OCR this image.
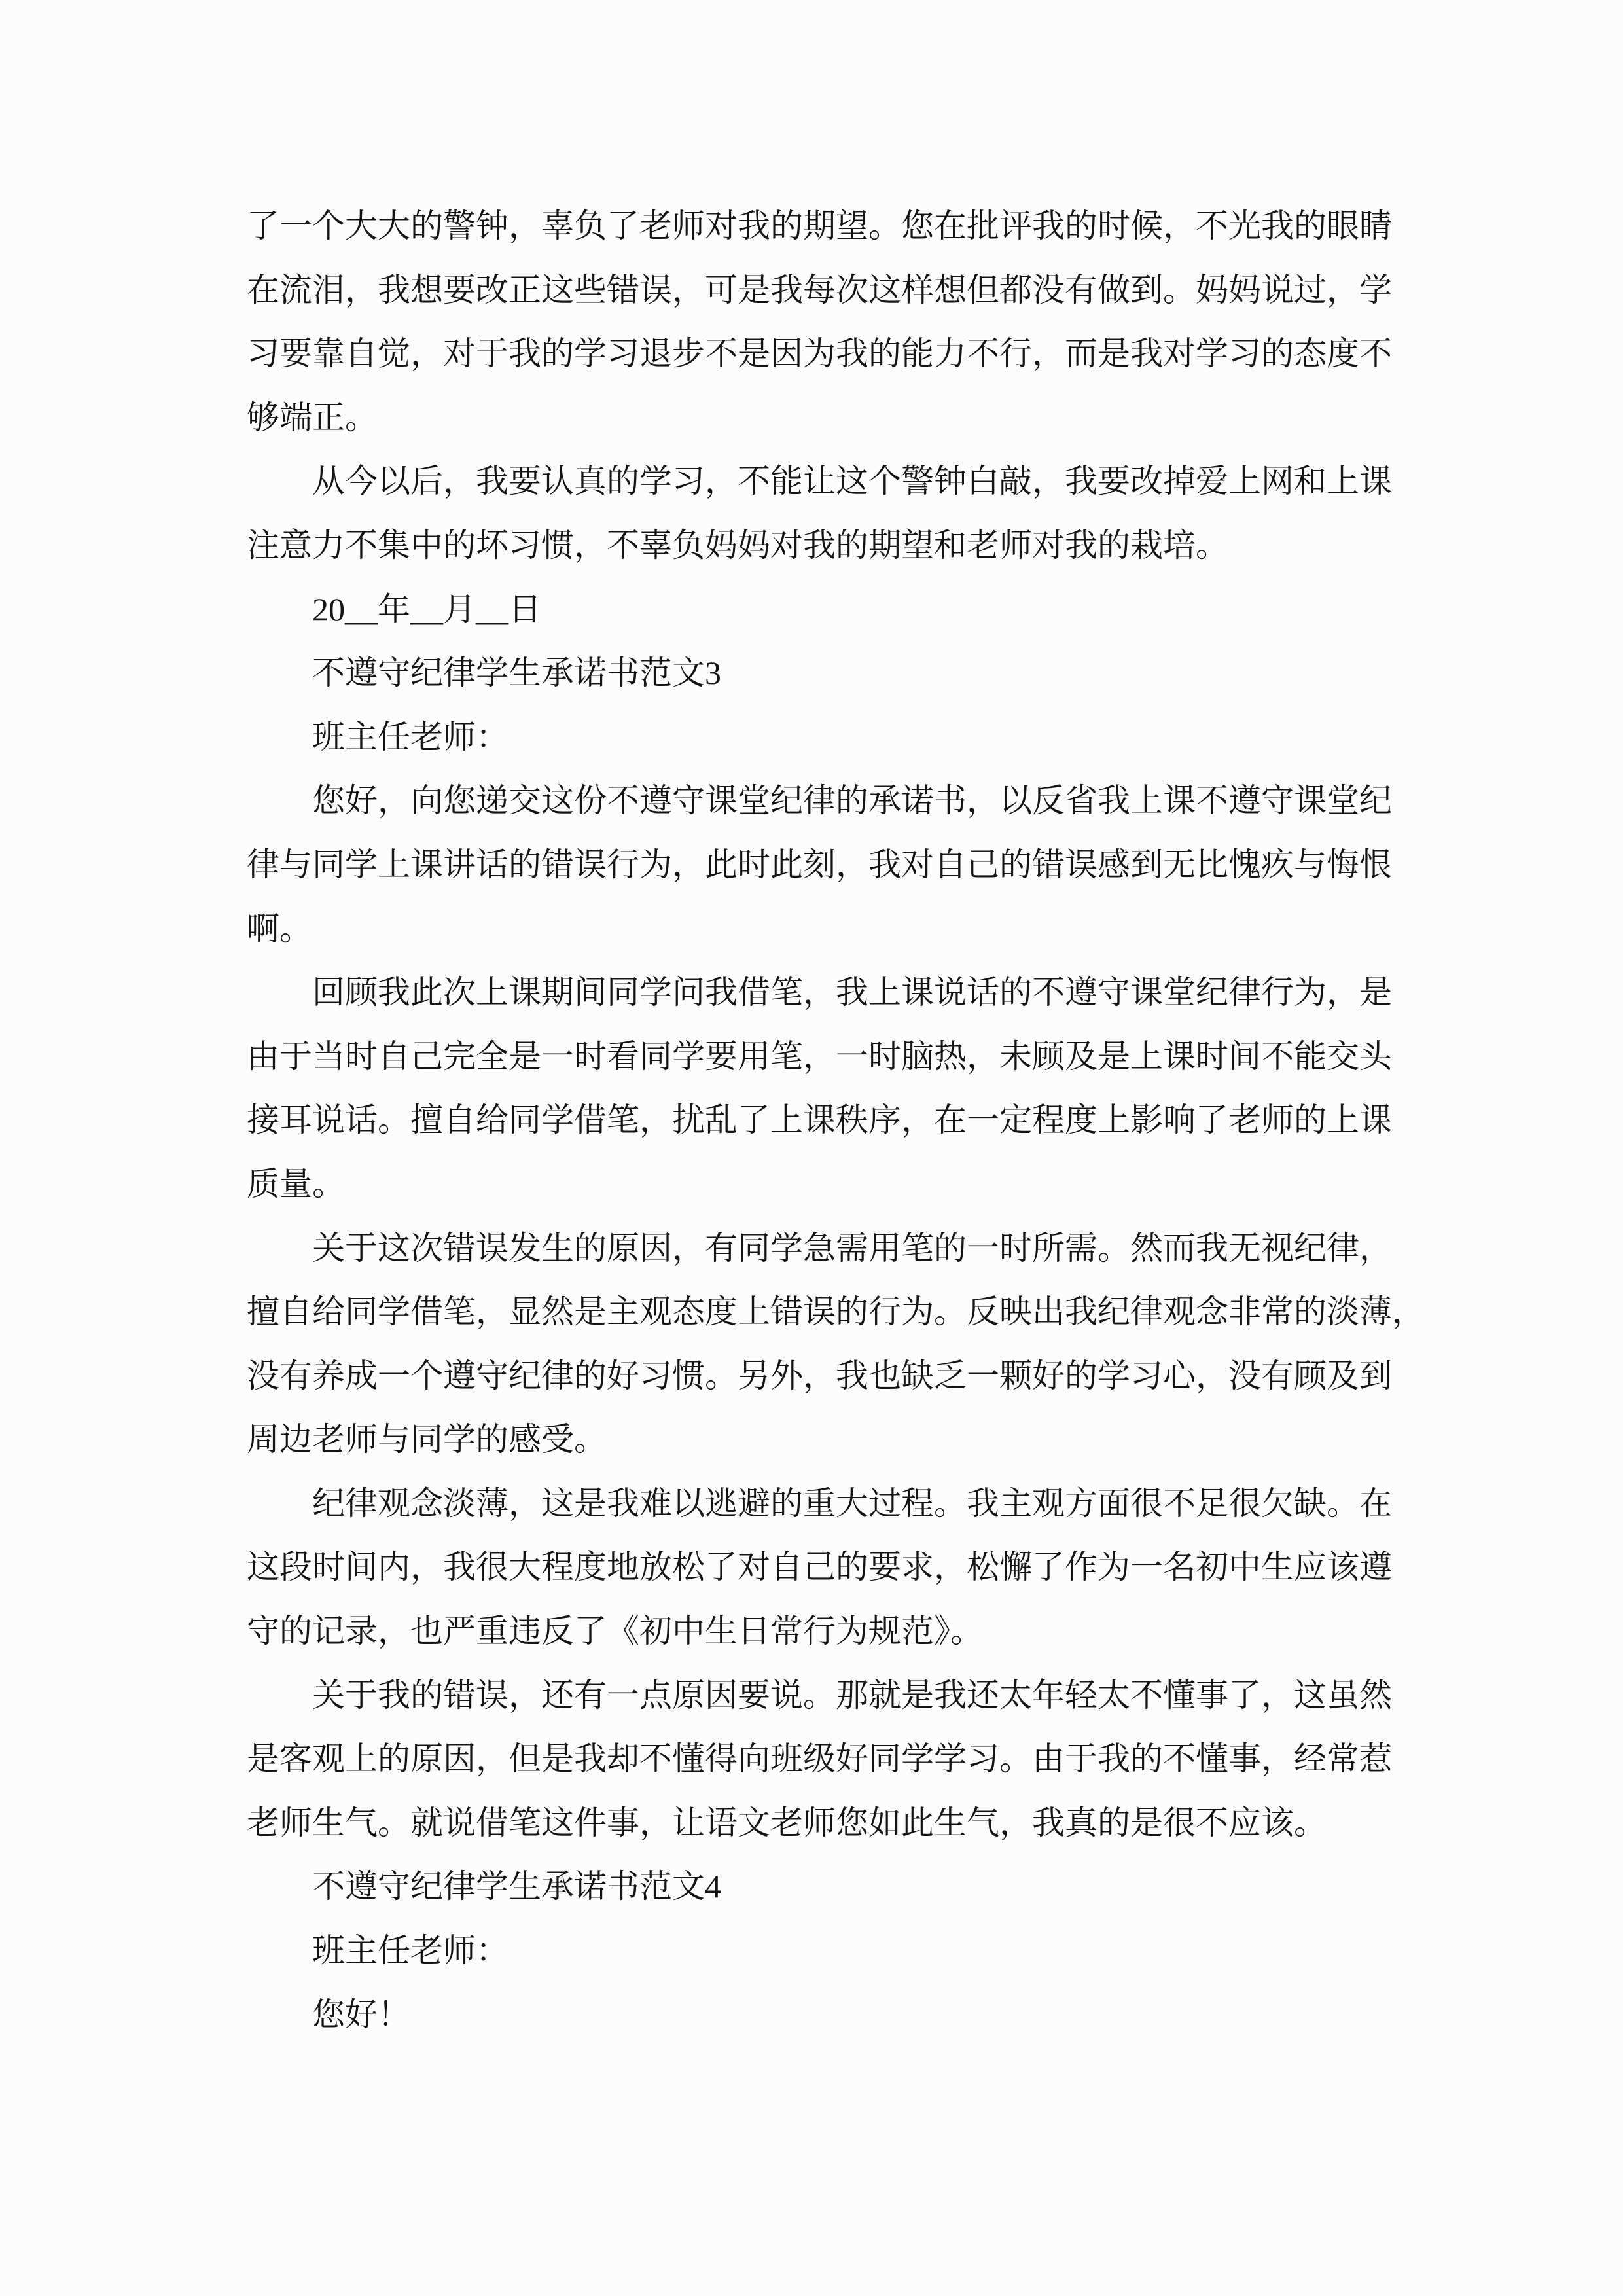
了一个大大的警钟，辜负了老师对我的期望。您在批评我的时候，不光我的眼睛
在流泪，我想要改正这些错误，可是我每次这样想但都没有做到。妈妈说过，学
习要靠自觉，对于我的学习退步不是因为我的能力不行，而是我对学习的态度不
够端正。
从今以后，我要认真的学习，不能让这个警钟白敲，我要改掉爱上网和上课
注意力不集中的坏习惯，不辜负妈妈对我的期望和老师对我的栽培。
20__年__月__日
不遵守纪律学生承诺书范文3
班主任老师：
您好，向您递交这份不遵守课堂纪律的承诺书，以反省我上课不遵守课堂纪
律与同学上课讲话的错误行为，此时此刻，我对自己的错误感到无比愧疚与悔恨
啊。
回顾我此次上课期间同学问我借笔，我上课说话的不遵守课堂纪律行为，是
由于当时自己完全是一时看同学要用笔，一时脑热，未顾及是上课时间不能交头
接耳说话。擅自给同学借笔，扰乱了上课秩序，在一定程度上影响了老师的上课
质量。
关于这次错误发生的原因，有同学急需用笔的一时所需。然而我无视纪律，
擅自给同学借笔，显然是主观态度上错误的行为。反映出我纪律观念非常的淡薄，
没有养成一个遵守纪律的好习惯。另外，我也缺乏一颗好的学习心，没有顾及到
周边老师与同学的感受。
纪律观念淡薄，这是我难以逃避的重大过程。我主观方面很不足很欠缺。在
这段时间内，我很大程度地放松了对自己的要求，松懈了作为一名初中生应该遵
守的记录，也严重违反了《初中生日常行为规范》。
关于我的错误，还有一点原因要说。那就是我还太年轻太不懂事了，这虽然
是客观上的原因，但是我却不懂得向班级好同学学习。由于我的不懂事，经常惹
老师生气。就说借笔这件事，让语文老师您如此生气，我真的是很不应该。
不遵守纪律学生承诺书范文4
班主任老师：
您好！
